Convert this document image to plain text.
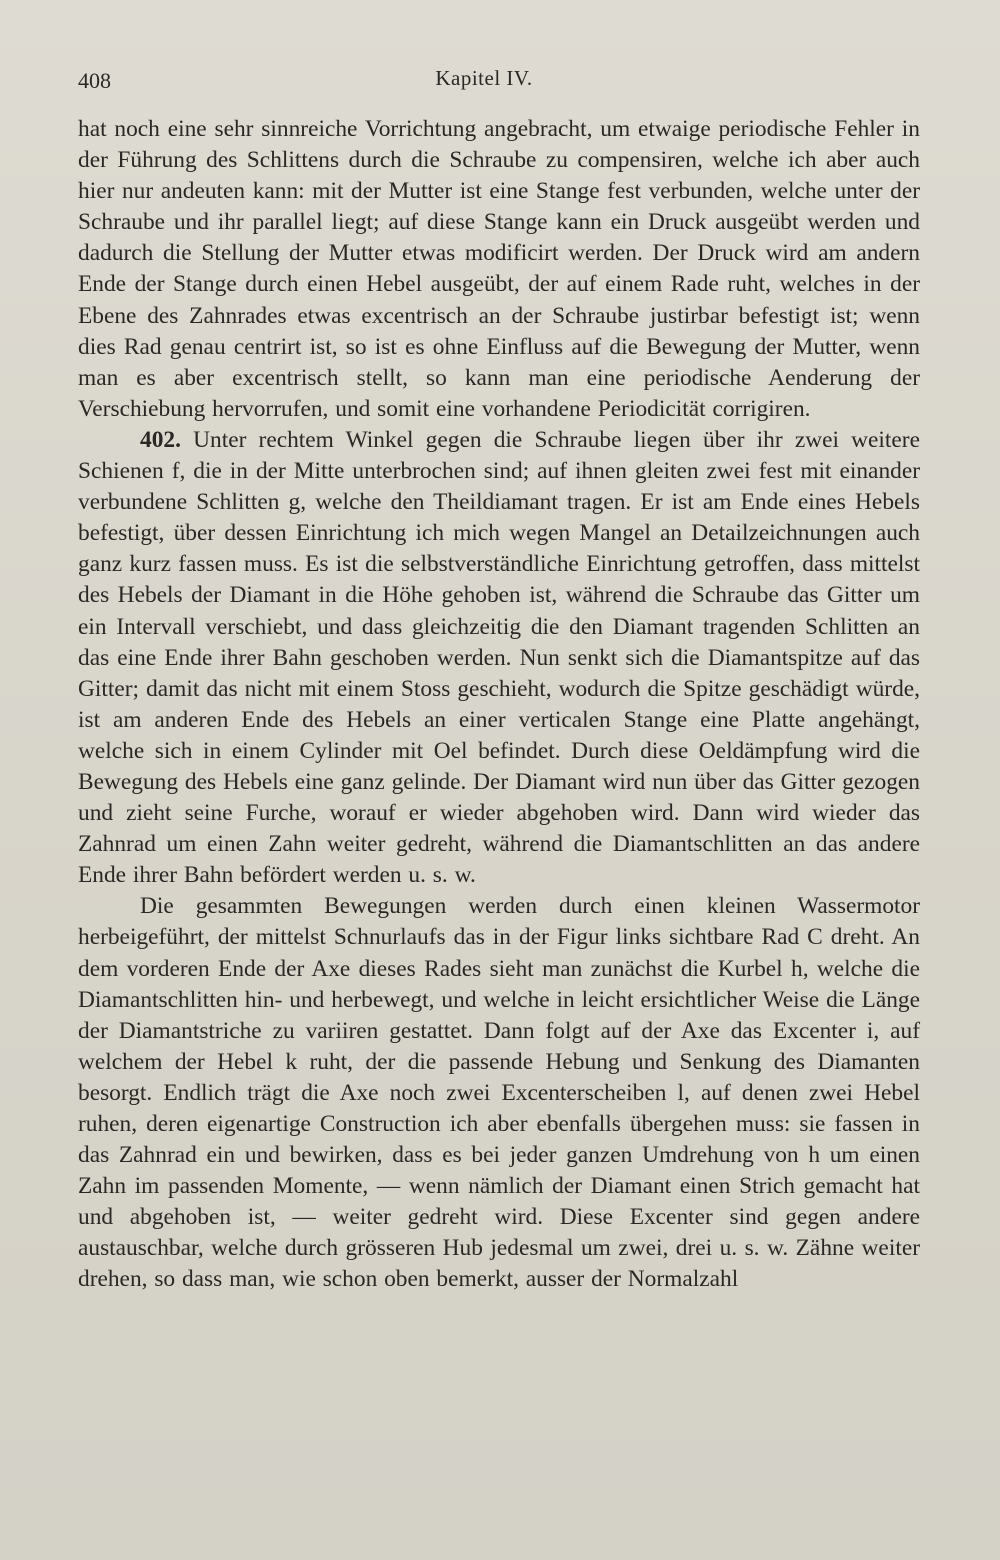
408	Kapitel IV.

hat noch eine sehr sinnreiche Vorrichtung angebracht, um etwaige periodische Fehler in der Führung des Schlittens durch die Schraube zu compensiren, welche ich aber auch hier nur andeuten kann: mit der Mutter ist eine Stange fest verbunden, welche unter der Schraube und ihr parallel liegt; auf diese Stange kann ein Druck ausgeübt werden und dadurch die Stellung der Mutter etwas modificirt werden. Der Druck wird am andern Ende der Stange durch einen Hebel ausgeübt, der auf einem Rade ruht, welches in der Ebene des Zahnrades etwas excentrisch an der Schraube justirbar befestigt ist; wenn dies Rad genau centrirt ist, so ist es ohne Einfluss auf die Bewegung der Mutter, wenn man es aber excentrisch stellt, so kann man eine periodische Aenderung der Verschiebung hervorrufen, und somit eine vorhandene Periodicität corrigiren.

402. Unter rechtem Winkel gegen die Schraube liegen über ihr zwei weitere Schienen f, die in der Mitte unterbrochen sind; auf ihnen gleiten zwei fest mit einander verbundene Schlitten g, welche den Theildiamant tragen. Er ist am Ende eines Hebels befestigt, über dessen Einrichtung ich mich wegen Mangel an Detailzeichnungen auch ganz kurz fassen muss. Es ist die selbstverständliche Einrichtung getroffen, dass mittelst des Hebels der Diamant in die Höhe gehoben ist, während die Schraube das Gitter um ein Intervall verschiebt, und dass gleichzeitig die den Diamant tragenden Schlitten an das eine Ende ihrer Bahn geschoben werden. Nun senkt sich die Diamantspitze auf das Gitter; damit das nicht mit einem Stoss geschieht, wodurch die Spitze geschädigt würde, ist am anderen Ende des Hebels an einer verticalen Stange eine Platte angehängt, welche sich in einem Cylinder mit Oel befindet. Durch diese Oeldämpfung wird die Bewegung des Hebels eine ganz gelinde. Der Diamant wird nun über das Gitter gezogen und zieht seine Furche, worauf er wieder abgehoben wird. Dann wird wieder das Zahnrad um einen Zahn weiter gedreht, während die Diamantschlitten an das andere Ende ihrer Bahn befördert werden u. s. w.

Die gesammten Bewegungen werden durch einen kleinen Wassermotor herbeigeführt, der mittelst Schnurlaufs das in der Figur links sichtbare Rad C dreht. An dem vorderen Ende der Axe dieses Rades sieht man zunächst die Kurbel h, welche die Diamantschlitten hin- und herbewegt, und welche in leicht ersichtlicher Weise die Länge der Diamantstriche zu variiren gestattet. Dann folgt auf der Axe das Excenter i, auf welchem der Hebel k ruht, der die passende Hebung und Senkung des Diamanten besorgt. Endlich trägt die Axe noch zwei Excenterscheiben l, auf denen zwei Hebel ruhen, deren eigenartige Construction ich aber ebenfalls übergehen muss: sie fassen in das Zahnrad ein und bewirken, dass es bei jeder ganzen Umdrehung von h um einen Zahn im passenden Momente, — wenn nämlich der Diamant einen Strich gemacht hat und abgehoben ist, — weiter gedreht wird. Diese Excenter sind gegen andere austauschbar, welche durch grösseren Hub jedesmal um zwei, drei u. s. w. Zähne weiter drehen, so dass man, wie schon oben bemerkt, ausser der Normalzahl
